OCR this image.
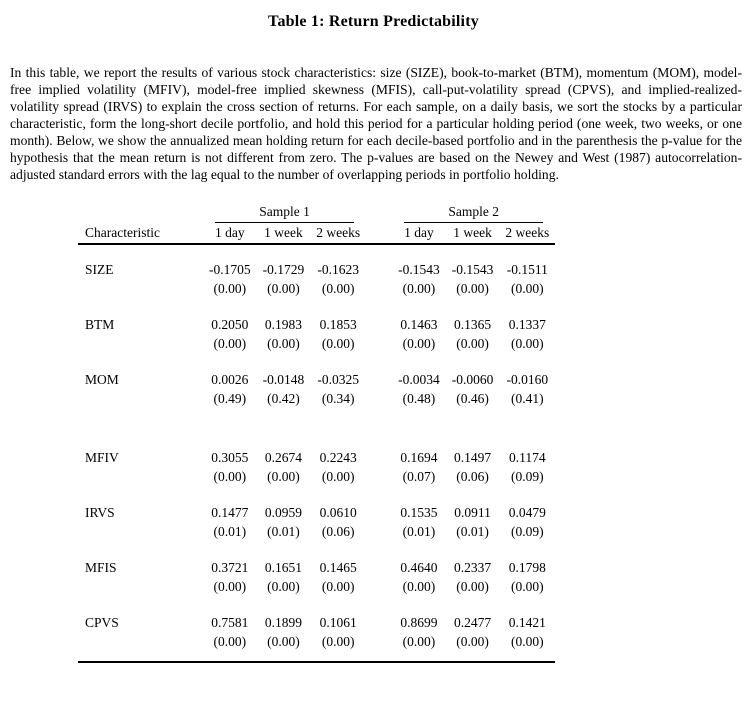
Table 1: Return Predictability

In this table, we report the results of various stock characteristics: size (SIZE), book-to-market (BTM), momentum (MOM), model-free implied volatility (MFIV), model-free implied skewness (MFIS), call-put-volatility spread (CPVS), and implied-realized-volatility spread (IRVS) to explain the cross section of returns. For each sample, on a daily basis, we sort the stocks by a particular characteristic, form the long-short decile portfolio, and hold this period for a particular holding period (one week, two weeks, or one month). Below, we show the annualized mean holding return for each decile-based portfolio and in the parenthesis the p-value for the hypothesis that the mean return is not different from zero. The p-values are based on the Newey and West (1987) autocorrelation-adjusted standard errors with the lag equal to the number of overlapping periods in portfolio holding.

	Sample 1				Sample 2		

Characteristic	1 day	1 week	2 weeks		1 day	1 week	2 weeks

SIZE	-0.1705	-0.1729	-0.1623		-0.1543	-0.1543	-0.1511
	(0.00)	(0.00)	(0.00)		(0.00)	(0.00)	(0.00)

BTM	0.2050	0.1983	0.1853		0.1463	0.1365	0.1337
	(0.00)	(0.00)	(0.00)		(0.00)	(0.00)	(0.00)

MOM	0.0026	-0.0148	-0.0325		-0.0034	-0.0060	-0.0160
	(0.49)	(0.42)	(0.34)		(0.48)	(0.46)	(0.41)

MFIV	0.3055	0.2674	0.2243		0.1694	0.1497	0.1174
	(0.00)	(0.00)	(0.00)		(0.07)	(0.06)	(0.09)

IRVS	0.1477	0.0959	0.0610		0.1535	0.0911	0.0479
	(0.01)	(0.01)	(0.06)		(0.01)	(0.01)	(0.09)

MFIS	0.3721	0.1651	0.1465		0.4640	0.2337	0.1798
	(0.00)	(0.00)	(0.00)		(0.00)	(0.00)	(0.00)

CPVS	0.7581	0.1899	0.1061		0.8699	0.2477	0.1421
	(0.00)	(0.00)	(0.00)		(0.00)	(0.00)	(0.00)
